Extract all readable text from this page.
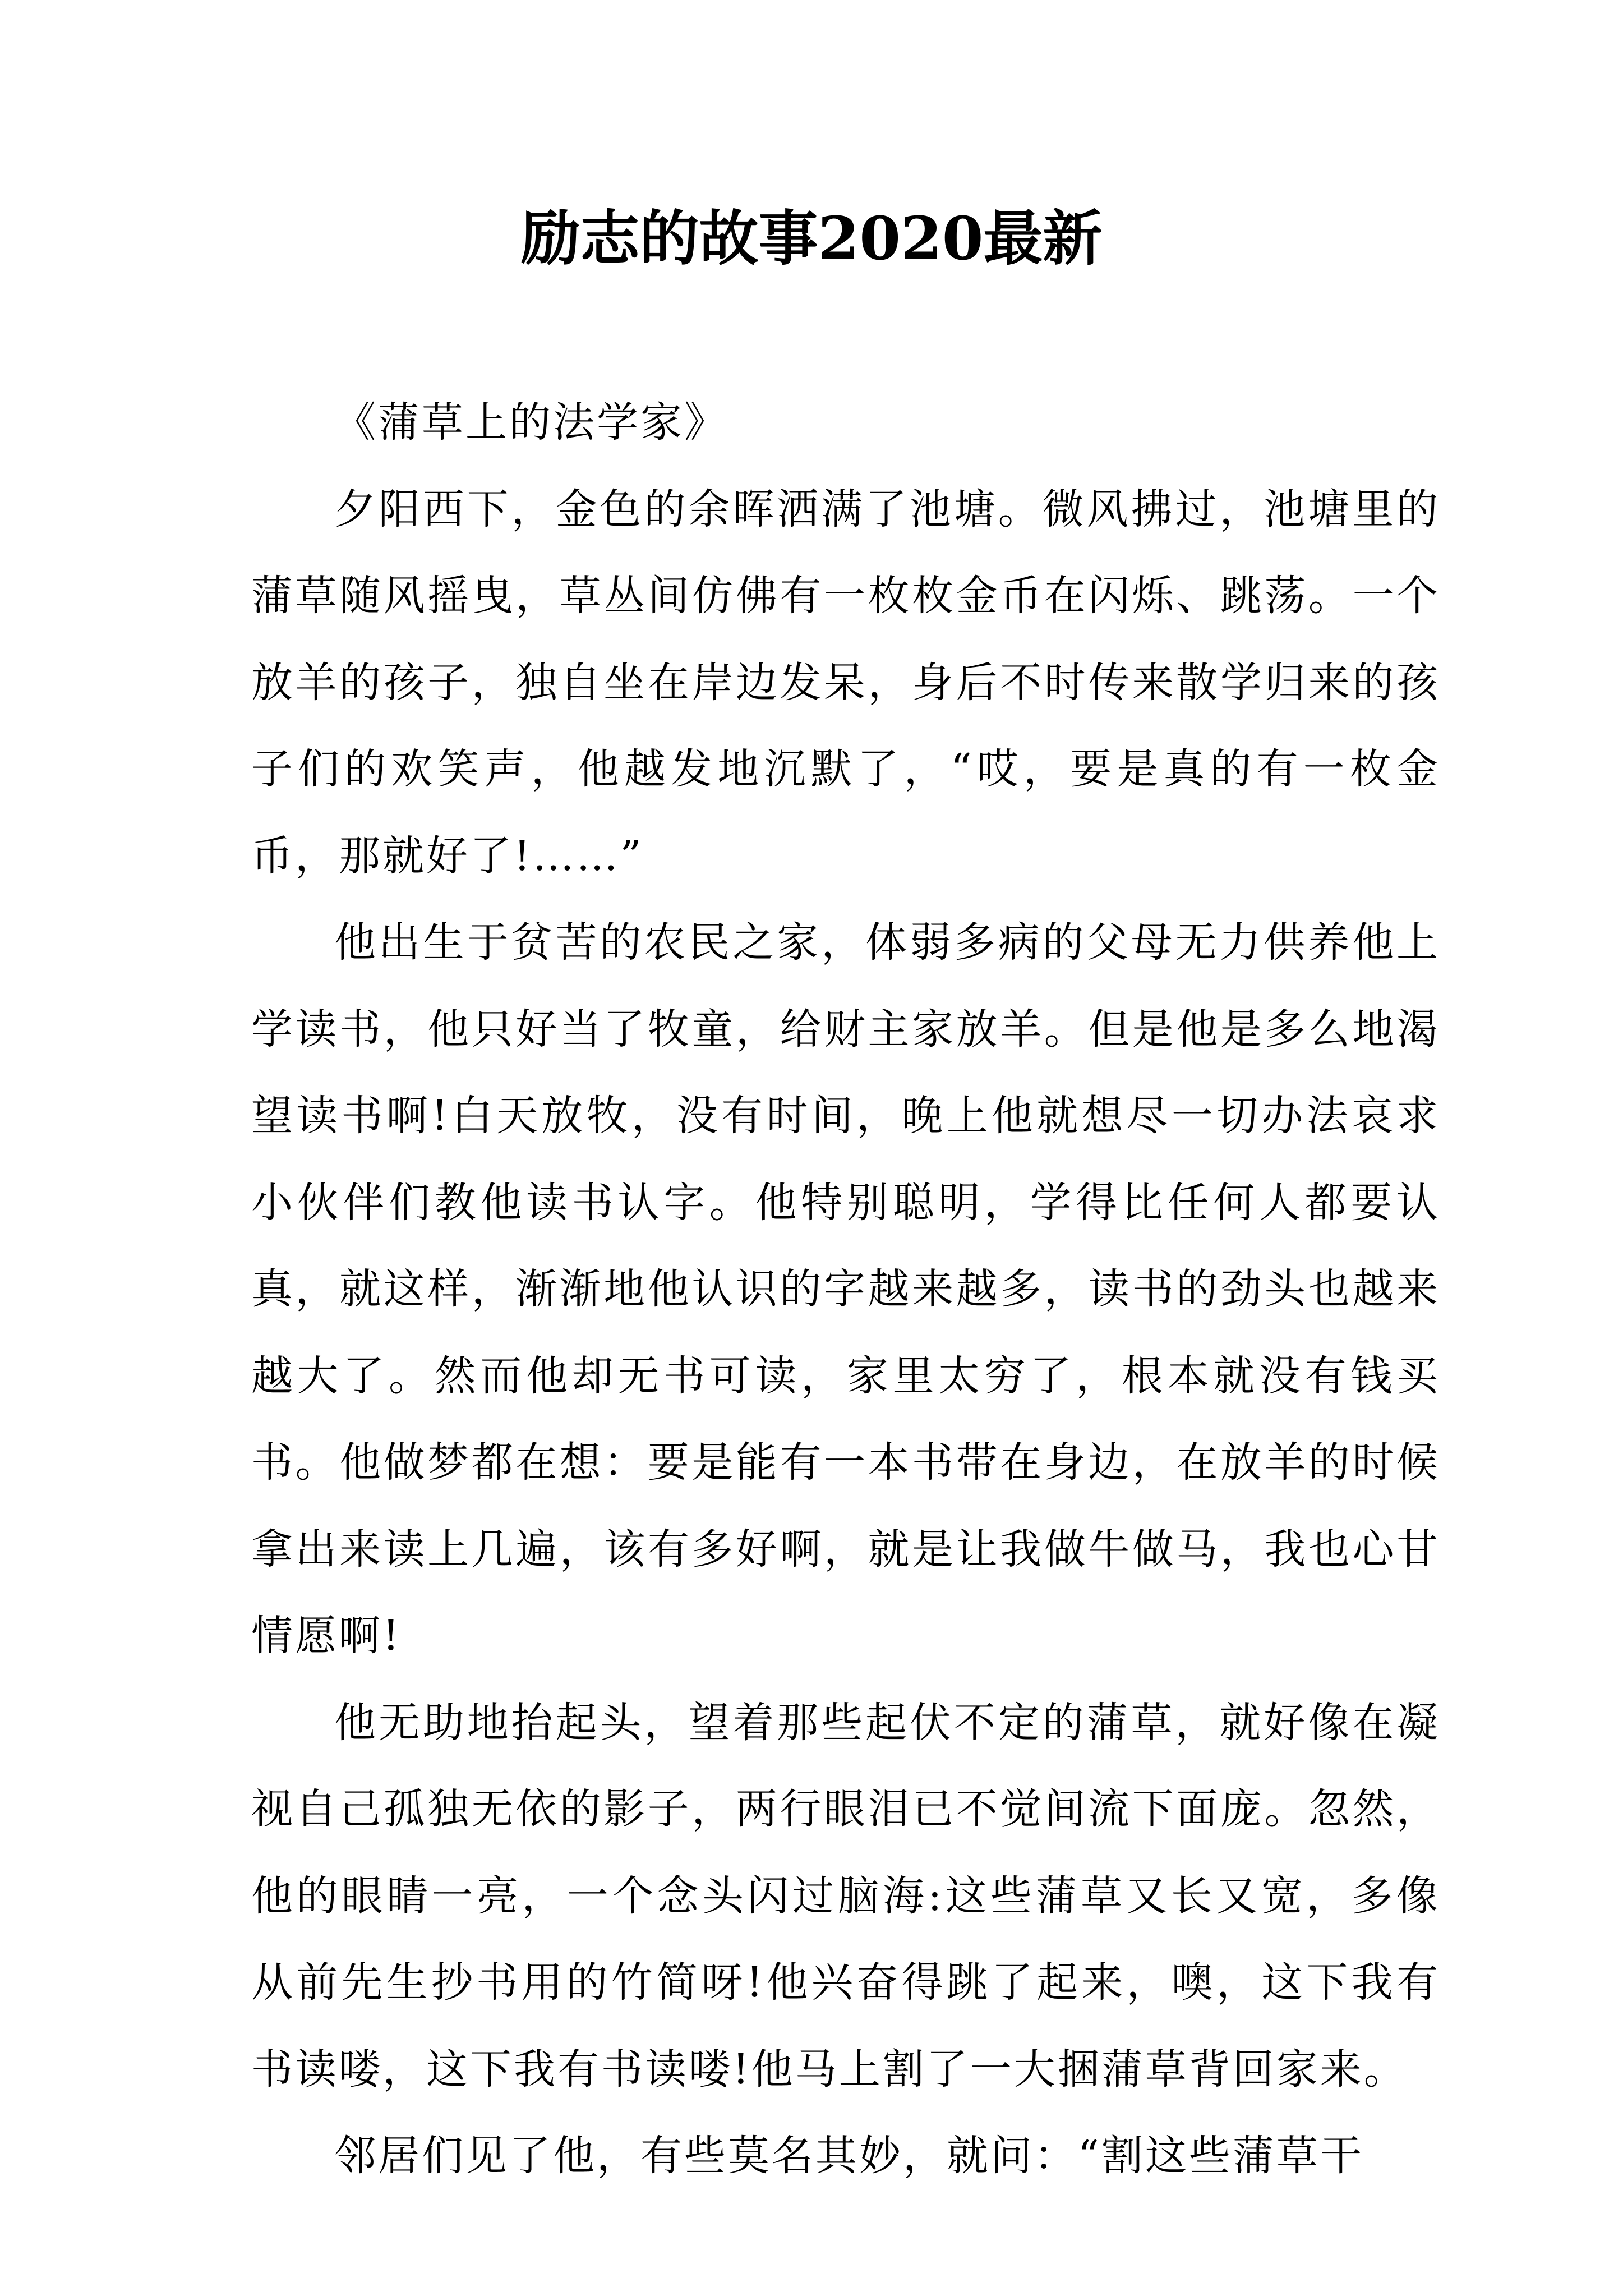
励志的故事2020最新

《蒲草上的法学家》

夕阳西下，金色的余晖洒满了池塘。微风拂过，池塘里的蒲草随风摇曳，草丛间仿佛有一枚枚金币在闪烁、跳荡。一个放羊的孩子，独自坐在岸边发呆，身后不时传来散学归来的孩子们的欢笑声，他越发地沉默了，“哎，要是真的有一枚金币，那就好了!……”

他出生于贫苦的农民之家，体弱多病的父母无力供养他上学读书，他只好当了牧童，给财主家放羊。但是他是多么地渴望读书啊!白天放牧，没有时间，晚上他就想尽一切办法哀求小伙伴们教他读书认字。他特别聪明，学得比任何人都要认真，就这样，渐渐地他认识的字越来越多，读书的劲头也越来越大了。然而他却无书可读，家里太穷了，根本就没有钱买书。他做梦都在想：要是能有一本书带在身边，在放羊的时候拿出来读上几遍，该有多好啊，就是让我做牛做马，我也心甘情愿啊!

他无助地抬起头，望着那些起伏不定的蒲草，就好像在凝视自己孤独无依的影子，两行眼泪已不觉间流下面庞。忽然，他的眼睛一亮，一个念头闪过脑海:这些蒲草又长又宽，多像从前先生抄书用的竹简呀!他兴奋得跳了起来，噢，这下我有书读喽，这下我有书读喽!他马上割了一大捆蒲草背回家来。

邻居们见了他，有些莫名其妙，就问：“割这些蒲草干
